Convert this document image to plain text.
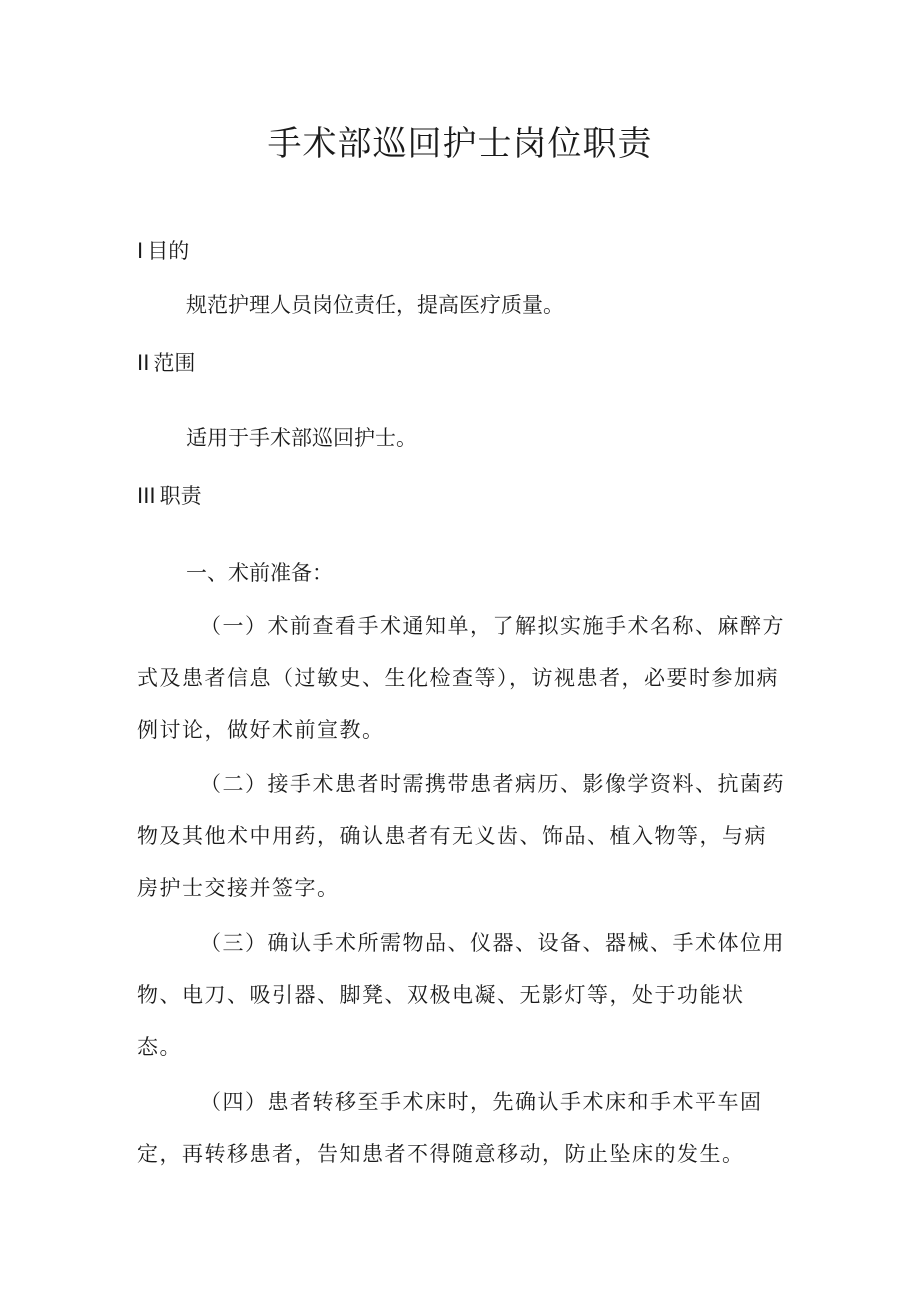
手术部巡回护士岗位职责
I 目的

规范护理人员岗位责任，提高医疗质量。

II 范围

适用于手术部巡回护士。

III 职责

一、术前准备：

（一）术前查看手术通知单，了解拟实施手术名称、麻醉方式及患者信息（过敏史、生化检查等），访视患者，必要时参加病例讨论，做好术前宣教。

（二）接手术患者时需携带患者病历、影像学资料、抗菌药物及其他术中用药，确认患者有无义齿、饰品、植入物等，与病房护士交接并签字。

（三）确认手术所需物品、仪器、设备、器械、手术体位用物、电刀、吸引器、脚凳、双极电凝、无影灯等，处于功能状态。

（四）患者转移至手术床时，先确认手术床和手术平车固定，再转移患者，告知患者不得随意移动，防止坠床的发生。
